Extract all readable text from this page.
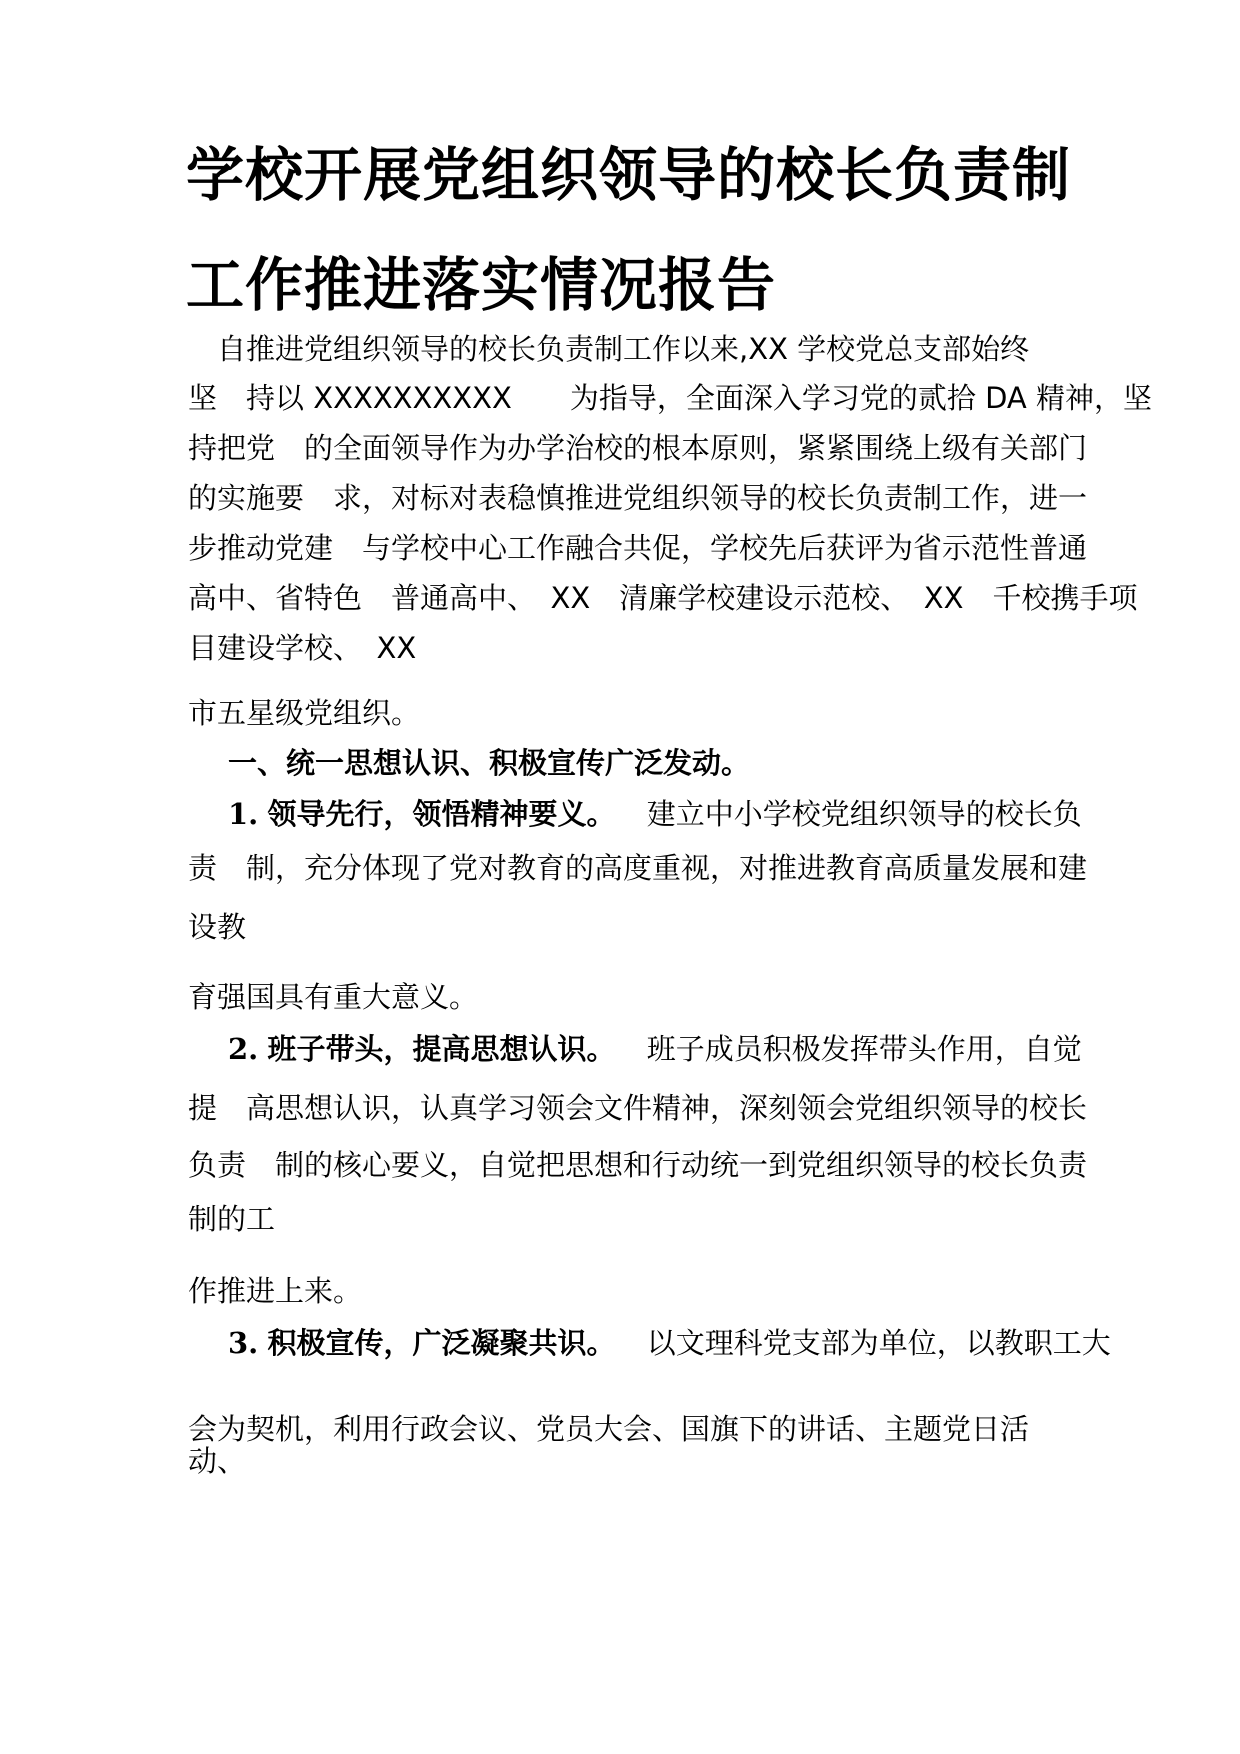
学校开展党组织领导的校长负责制
工作推进落实情况报告
　自推进党组织领导的校长负责制工作以来,XX 学校党总支部始终
坚　持以 XXXXXXXXXX　　为指导，全面深入学习党的贰拾 DA 精神，坚
持把党　的全面领导作为办学治校的根本原则，紧紧围绕上级有关部门
的实施要　求，对标对表稳慎推进党组织领导的校长负责制工作，进一
步推动党建　与学校中心工作融合共促，学校先后获评为省示范性普通
高中、省特色　普通高中、　XX　清廉学校建设示范校、　XX　千校携手项
目建设学校、　XX
市五星级党组织。
一、统一思想认识、积极宣传广泛发动。
1. 领导先行，领悟精神要义。 建立中小学校党组织领导的校长负
责　制，充分体现了党对教育的高度重视，对推进教育高质量发展和建
设教
育强国具有重大意义。
2. 班子带头，提高思想认识。 班子成员积极发挥带头作用，自觉
提　高思想认识，认真学习领会文件精神，深刻领会党组织领导的校长
负责　制的核心要义，自觉把思想和行动统一到党组织领导的校长负责
制的工
作推进上来。
3. 积极宣传，广泛凝聚共识。 以文理科党支部为单位，以教职工大
会为契机，利用行政会议、党员大会、国旗下的讲话、主题党日活
动、
